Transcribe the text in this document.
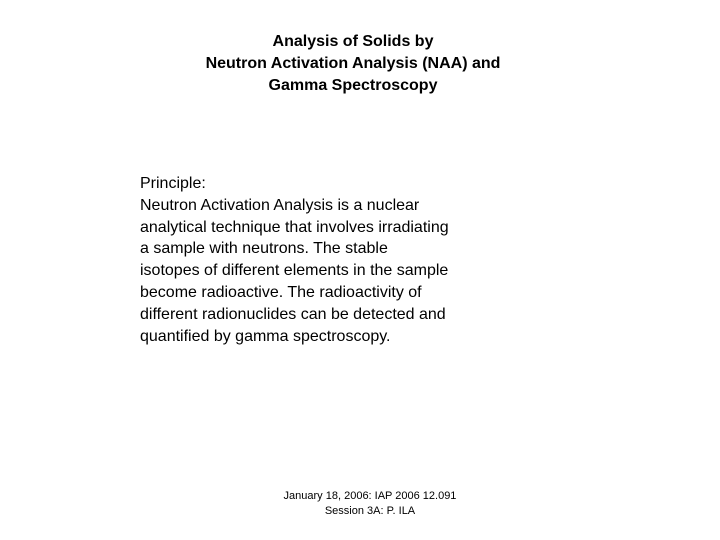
Analysis of Solids by
Neutron Activation Analysis (NAA) and
Gamma Spectroscopy
Principle:
Neutron Activation Analysis is a nuclear
analytical technique that involves irradiating
a sample with neutrons. The stable
isotopes of different elements in the sample
become radioactive. The radioactivity of
different radionuclides can be detected and
quantified by gamma spectroscopy.
January 18, 2006: IAP 2006 12.091
Session 3A: P. ILA
